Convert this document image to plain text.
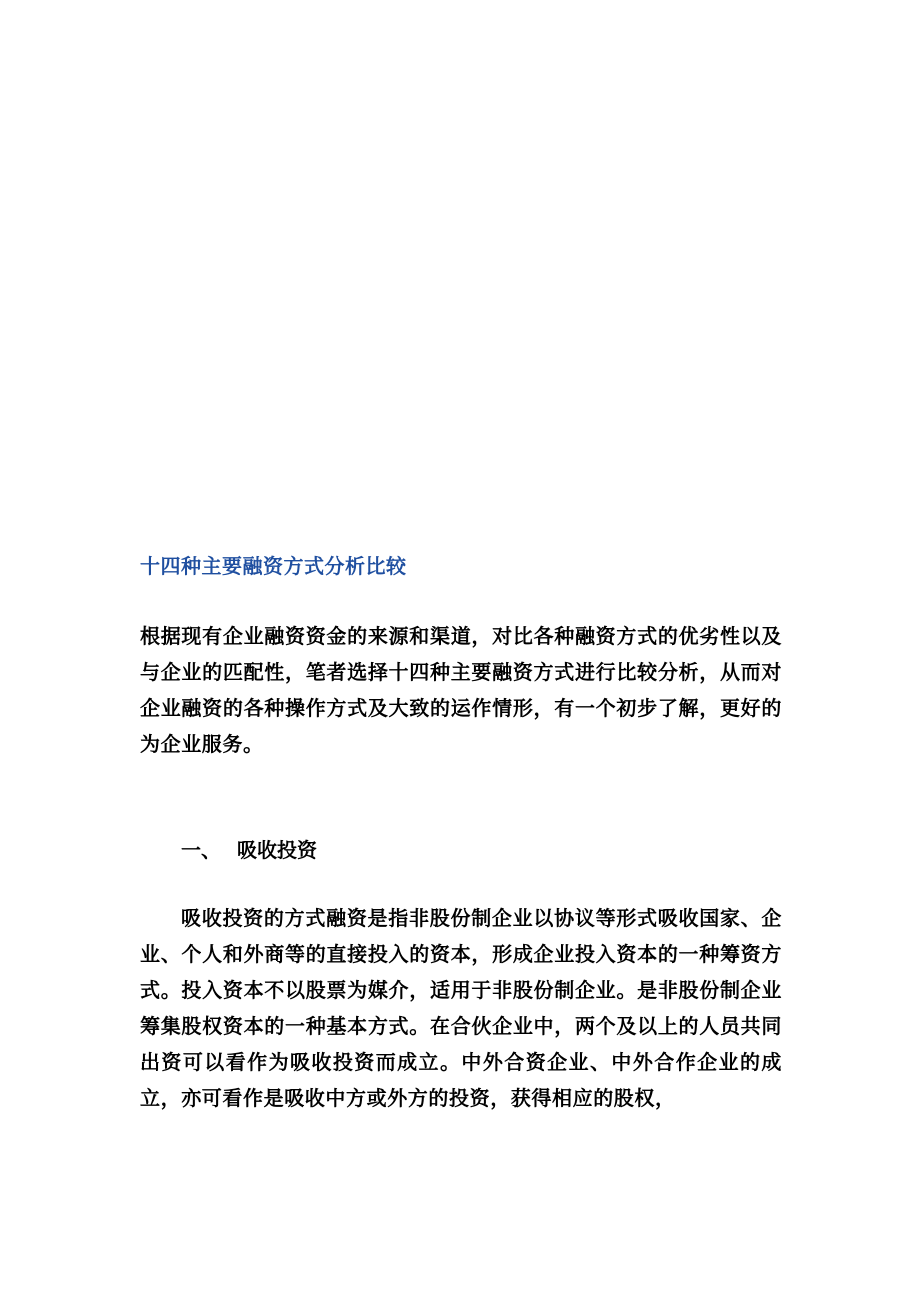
十四种主要融资方式分析比较

根据现有企业融资资金的来源和渠道，对比各种融资方式的优劣性以及与企业的匹配性，笔者选择十四种主要融资方式进行比较分析，从而对企业融资的各种操作方式及大致的运作情形，有一个初步了解，更好的为企业服务。

一、 吸收投资

吸收投资的方式融资是指非股份制企业以协议等形式吸收国家、企业、个人和外商等的直接投入的资本，形成企业投入资本的一种筹资方式。投入资本不以股票为媒介，适用于非股份制企业。是非股份制企业筹集股权资本的一种基本方式。在合伙企业中，两个及以上的人员共同出资可以看作为吸收投资而成立。中外合资企业、中外合作企业的成立，亦可看作是吸收中方或外方的投资，获得相应的股权，
